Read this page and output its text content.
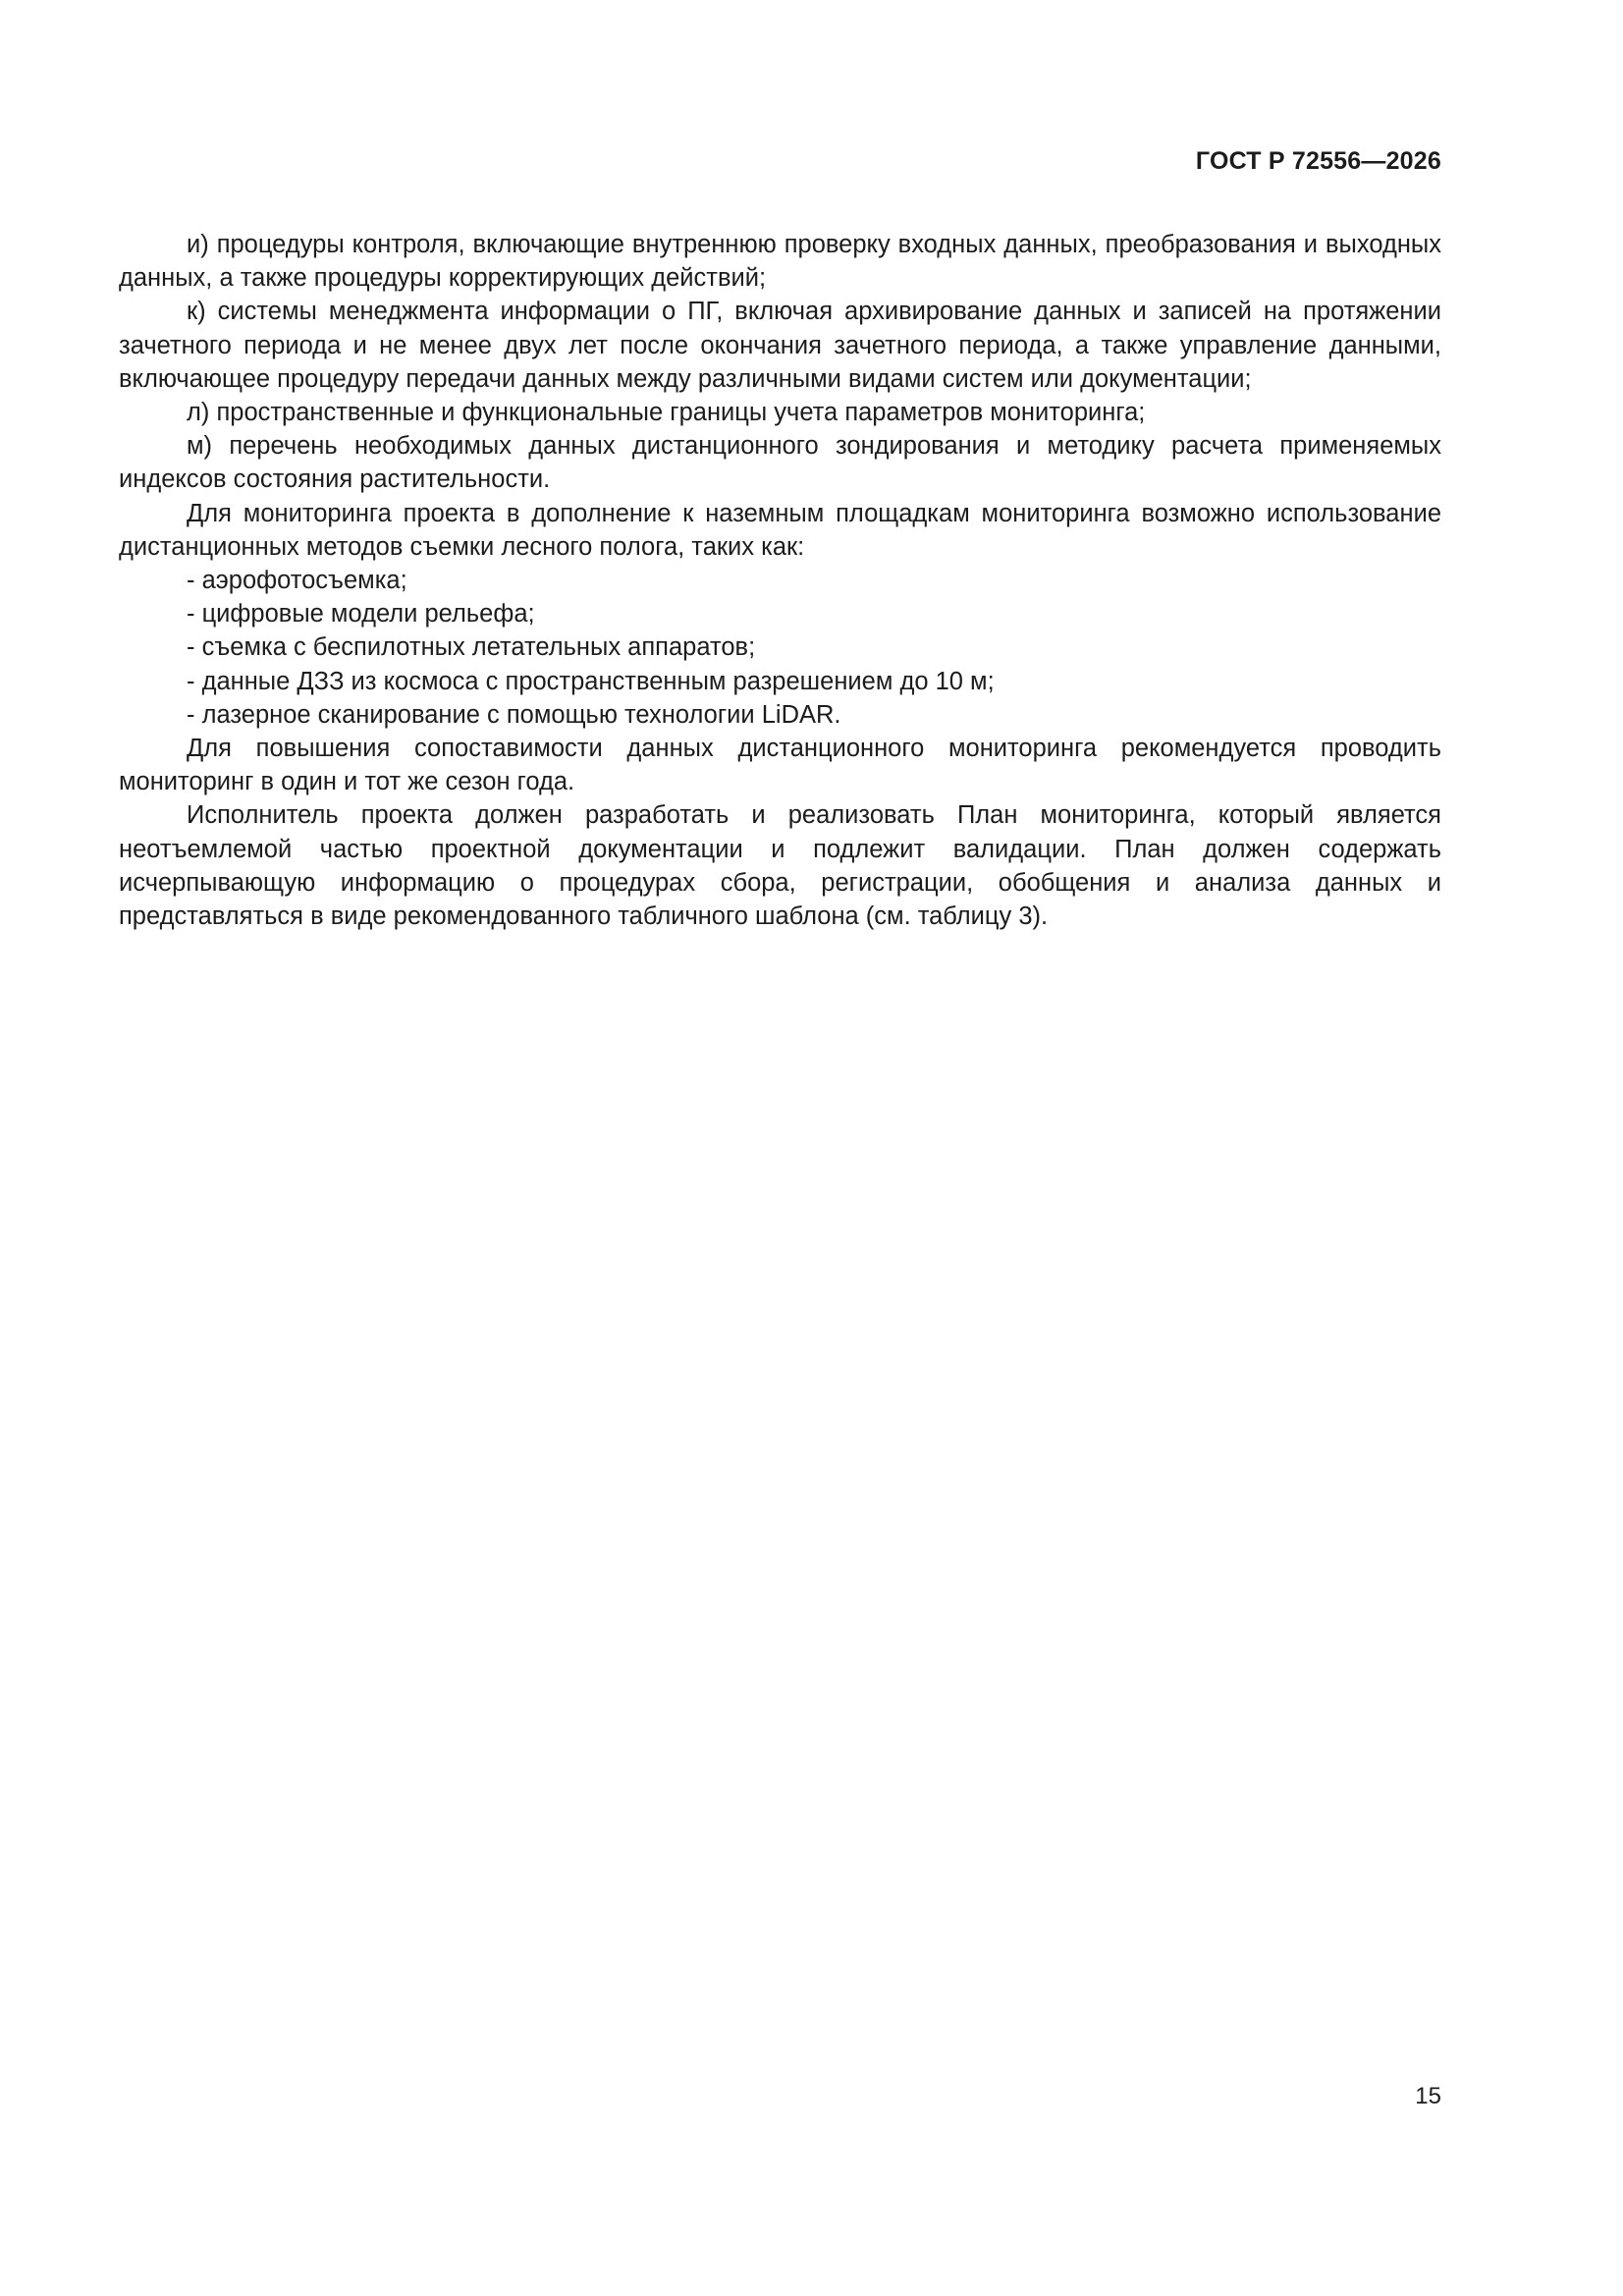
ГОСТ Р 72556—2026

и) процедуры контроля, включающие внутреннюю проверку входных данных, преобразования и выходных данных, а также процедуры корректирующих действий;

к) системы менеджмента информации о ПГ, включая архивирование данных и записей на протяжении зачетного периода и не менее двух лет после окончания зачетного периода, а также управление данными, включающее процедуру передачи данных между различными видами систем или документации;

л) пространственные и функциональные границы учета параметров мониторинга;

м) перечень необходимых данных дистанционного зондирования и методику расчета применяемых индексов состояния растительности.

Для мониторинга проекта в дополнение к наземным площадкам мониторинга возможно использование дистанционных методов съемки лесного полога, таких как:

- аэрофотосъемка;

- цифровые модели рельефа;

- съемка с беспилотных летательных аппаратов;

- данные ДЗЗ из космоса с пространственным разрешением до 10 м;

- лазерное сканирование с помощью технологии LiDAR.

Для повышения сопоставимости данных дистанционного мониторинга рекомендуется проводить мониторинг в один и тот же сезон года.

Исполнитель проекта должен разработать и реализовать План мониторинга, который является неотъемлемой частью проектной документации и подлежит валидации. План должен содержать исчерпывающую информацию о процедурах сбора, регистрации, обобщения и анализа данных и представляться в виде рекомендованного табличного шаблона (см. таблицу 3).

15
